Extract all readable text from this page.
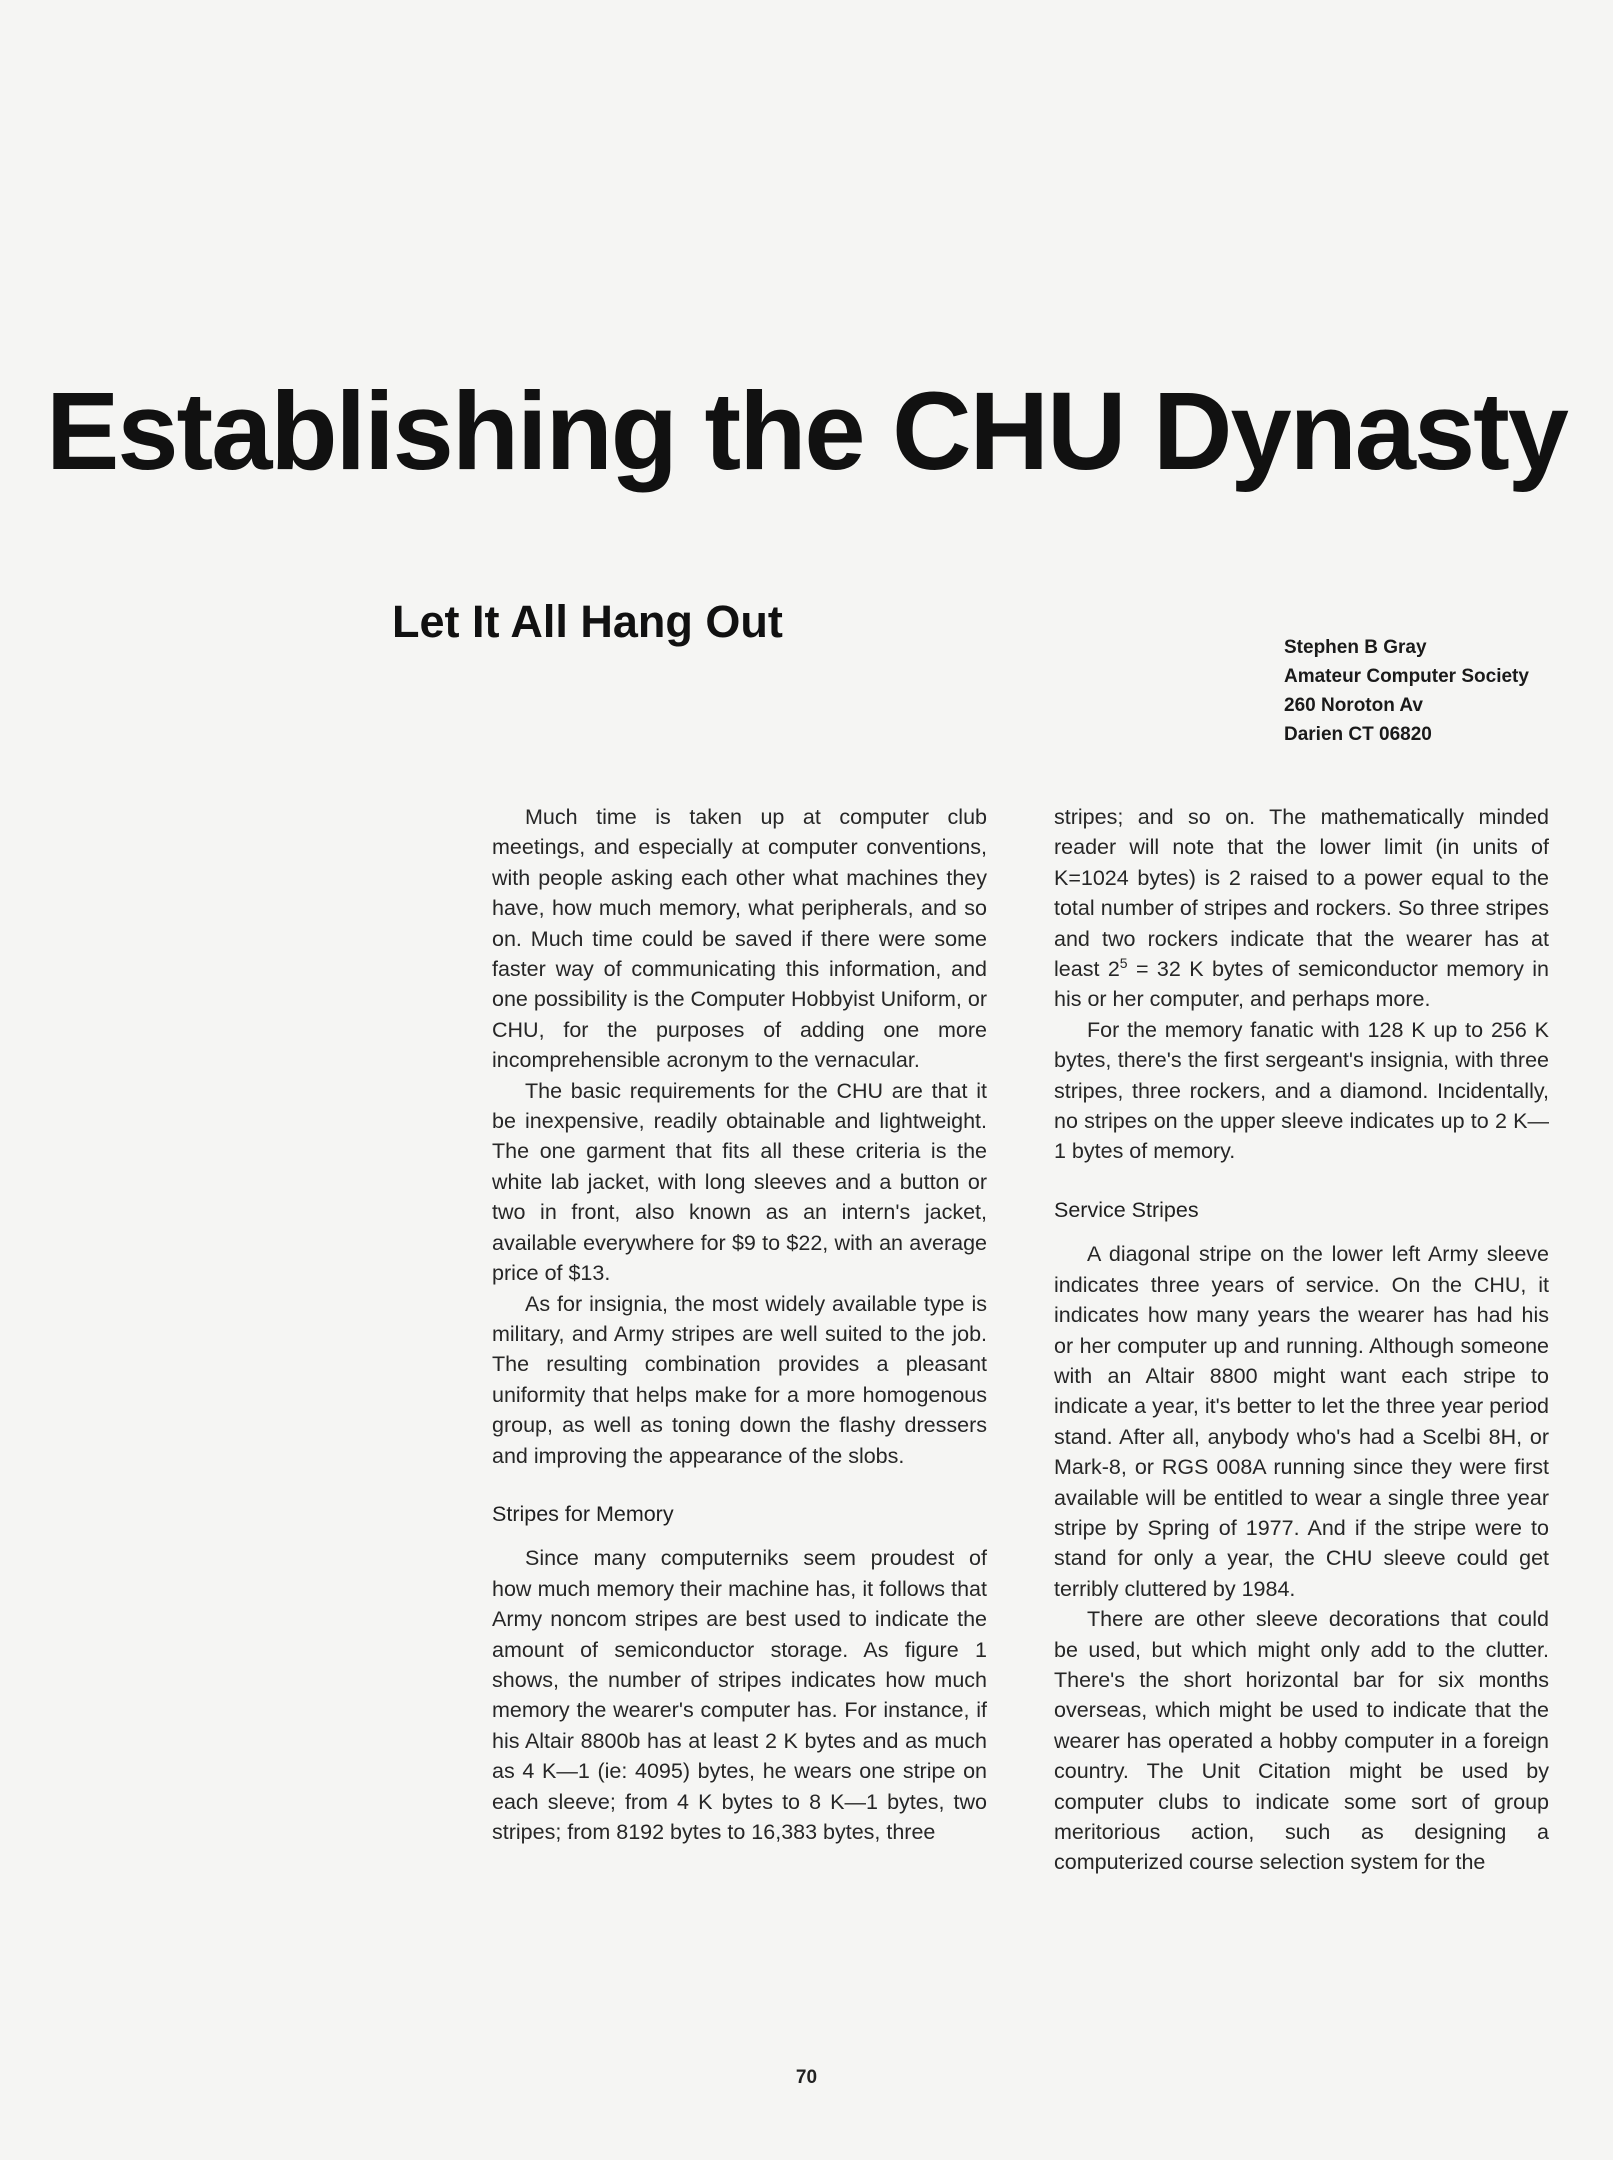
Establishing the CHU Dynasty
Let It All Hang Out
Stephen B Gray
Amateur Computer Society
260 Noroton Av
Darien CT 06820

Much time is taken up at computer club meetings, and especially at computer conventions, with people asking each other what machines they have, how much memory, what peripherals, and so on. Much time could be saved if there were some faster way of communicating this information, and one possibility is the Computer Hobbyist Uniform, or CHU, for the purposes of adding one more incomprehensible acronym to the vernacular.

The basic requirements for the CHU are that it be inexpensive, readily obtainable and lightweight. The one garment that fits all these criteria is the white lab jacket, with long sleeves and a button or two in front, also known as an intern's jacket, available everywhere for $9 to $22, with an average price of $13.

As for insignia, the most widely available type is military, and Army stripes are well suited to the job. The resulting combination provides a pleasant uniformity that helps make for a more homogenous group, as well as toning down the flashy dressers and improving the appearance of the slobs.

Stripes for Memory

Since many computerniks seem proudest of how much memory their machine has, it follows that Army noncom stripes are best used to indicate the amount of semiconductor storage. As figure 1 shows, the number of stripes indicates how much memory the wearer's computer has. For instance, if his Altair 8800b has at least 2 K bytes and as much as 4 K—1 (ie: 4095) bytes, he wears one stripe on each sleeve; from 4 K bytes to 8 K—1 bytes, two stripes; from 8192 bytes to 16,383 bytes, three

stripes; and so on. The mathematically minded reader will note that the lower limit (in units of K=1024 bytes) is 2 raised to a power equal to the total number of stripes and rockers. So three stripes and two rockers indicate that the wearer has at least $2^5 = 32$ K bytes of semiconductor memory in his or her computer, and perhaps more.

For the memory fanatic with 128 K up to 256 K bytes, there's the first sergeant's insignia, with three stripes, three rockers, and a diamond. Incidentally, no stripes on the upper sleeve indicates up to 2 K—1 bytes of memory.

Service Stripes

A diagonal stripe on the lower left Army sleeve indicates three years of service. On the CHU, it indicates how many years the wearer has had his or her computer up and running. Although someone with an Altair 8800 might want each stripe to indicate a year, it's better to let the three year period stand. After all, anybody who's had a Scelbi 8H, or Mark-8, or RGS 008A running since they were first available will be entitled to wear a single three year stripe by Spring of 1977. And if the stripe were to stand for only a year, the CHU sleeve could get terribly cluttered by 1984.

There are other sleeve decorations that could be used, but which might only add to the clutter. There's the short horizontal bar for six months overseas, which might be used to indicate that the wearer has operated a hobby computer in a foreign country. The Unit Citation might be used by computer clubs to indicate some sort of group meritorious action, such as designing a computerized course selection system for the

70
